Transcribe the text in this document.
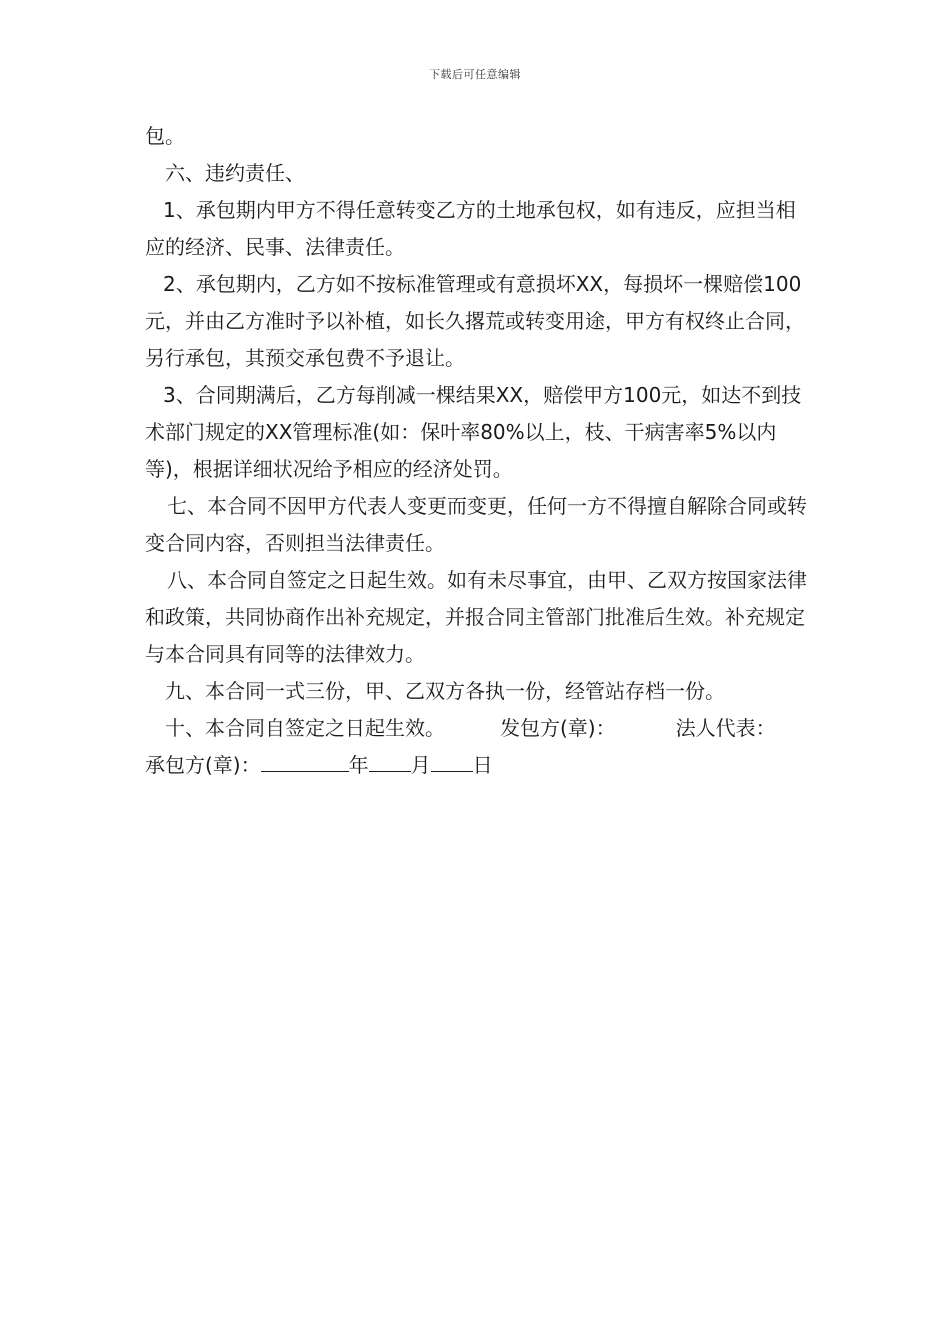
下载后可任意编辑

包。

六、违约责任、

1、承包期内甲方不得任意转变乙方的土地承包权，如有违反，应担当相应的经济、民事、法律责任。

2、承包期内，乙方如不按标准管理或有意损坏XX，每损坏一棵赔偿100元，并由乙方准时予以补植，如长久撂荒或转变用途，甲方有权终止合同，另行承包，其预交承包费不予退让。

3、合同期满后，乙方每削减一棵结果XX，赔偿甲方100元，如达不到技术部门规定的XX管理标准(如：保叶率80%以上，枝、干病害率5%以内等)，根据详细状况给予相应的经济处罚。

七、本合同不因甲方代表人变更而变更，任何一方不得擅自解除合同或转变合同内容，否则担当法律责任。

八、本合同自签定之日起生效。如有未尽事宜，由甲、乙双方按国家法律和政策，共同协商作出补充规定，并报合同主管部门批准后生效。补充规定与本合同具有同等的法律效力。

九、本合同一式三份，甲、乙双方各执一份，经管站存档一份。

十、本合同自签定之日起生效。	发包方(章)：	法人代表：

承包方(章)：	年 月 日
